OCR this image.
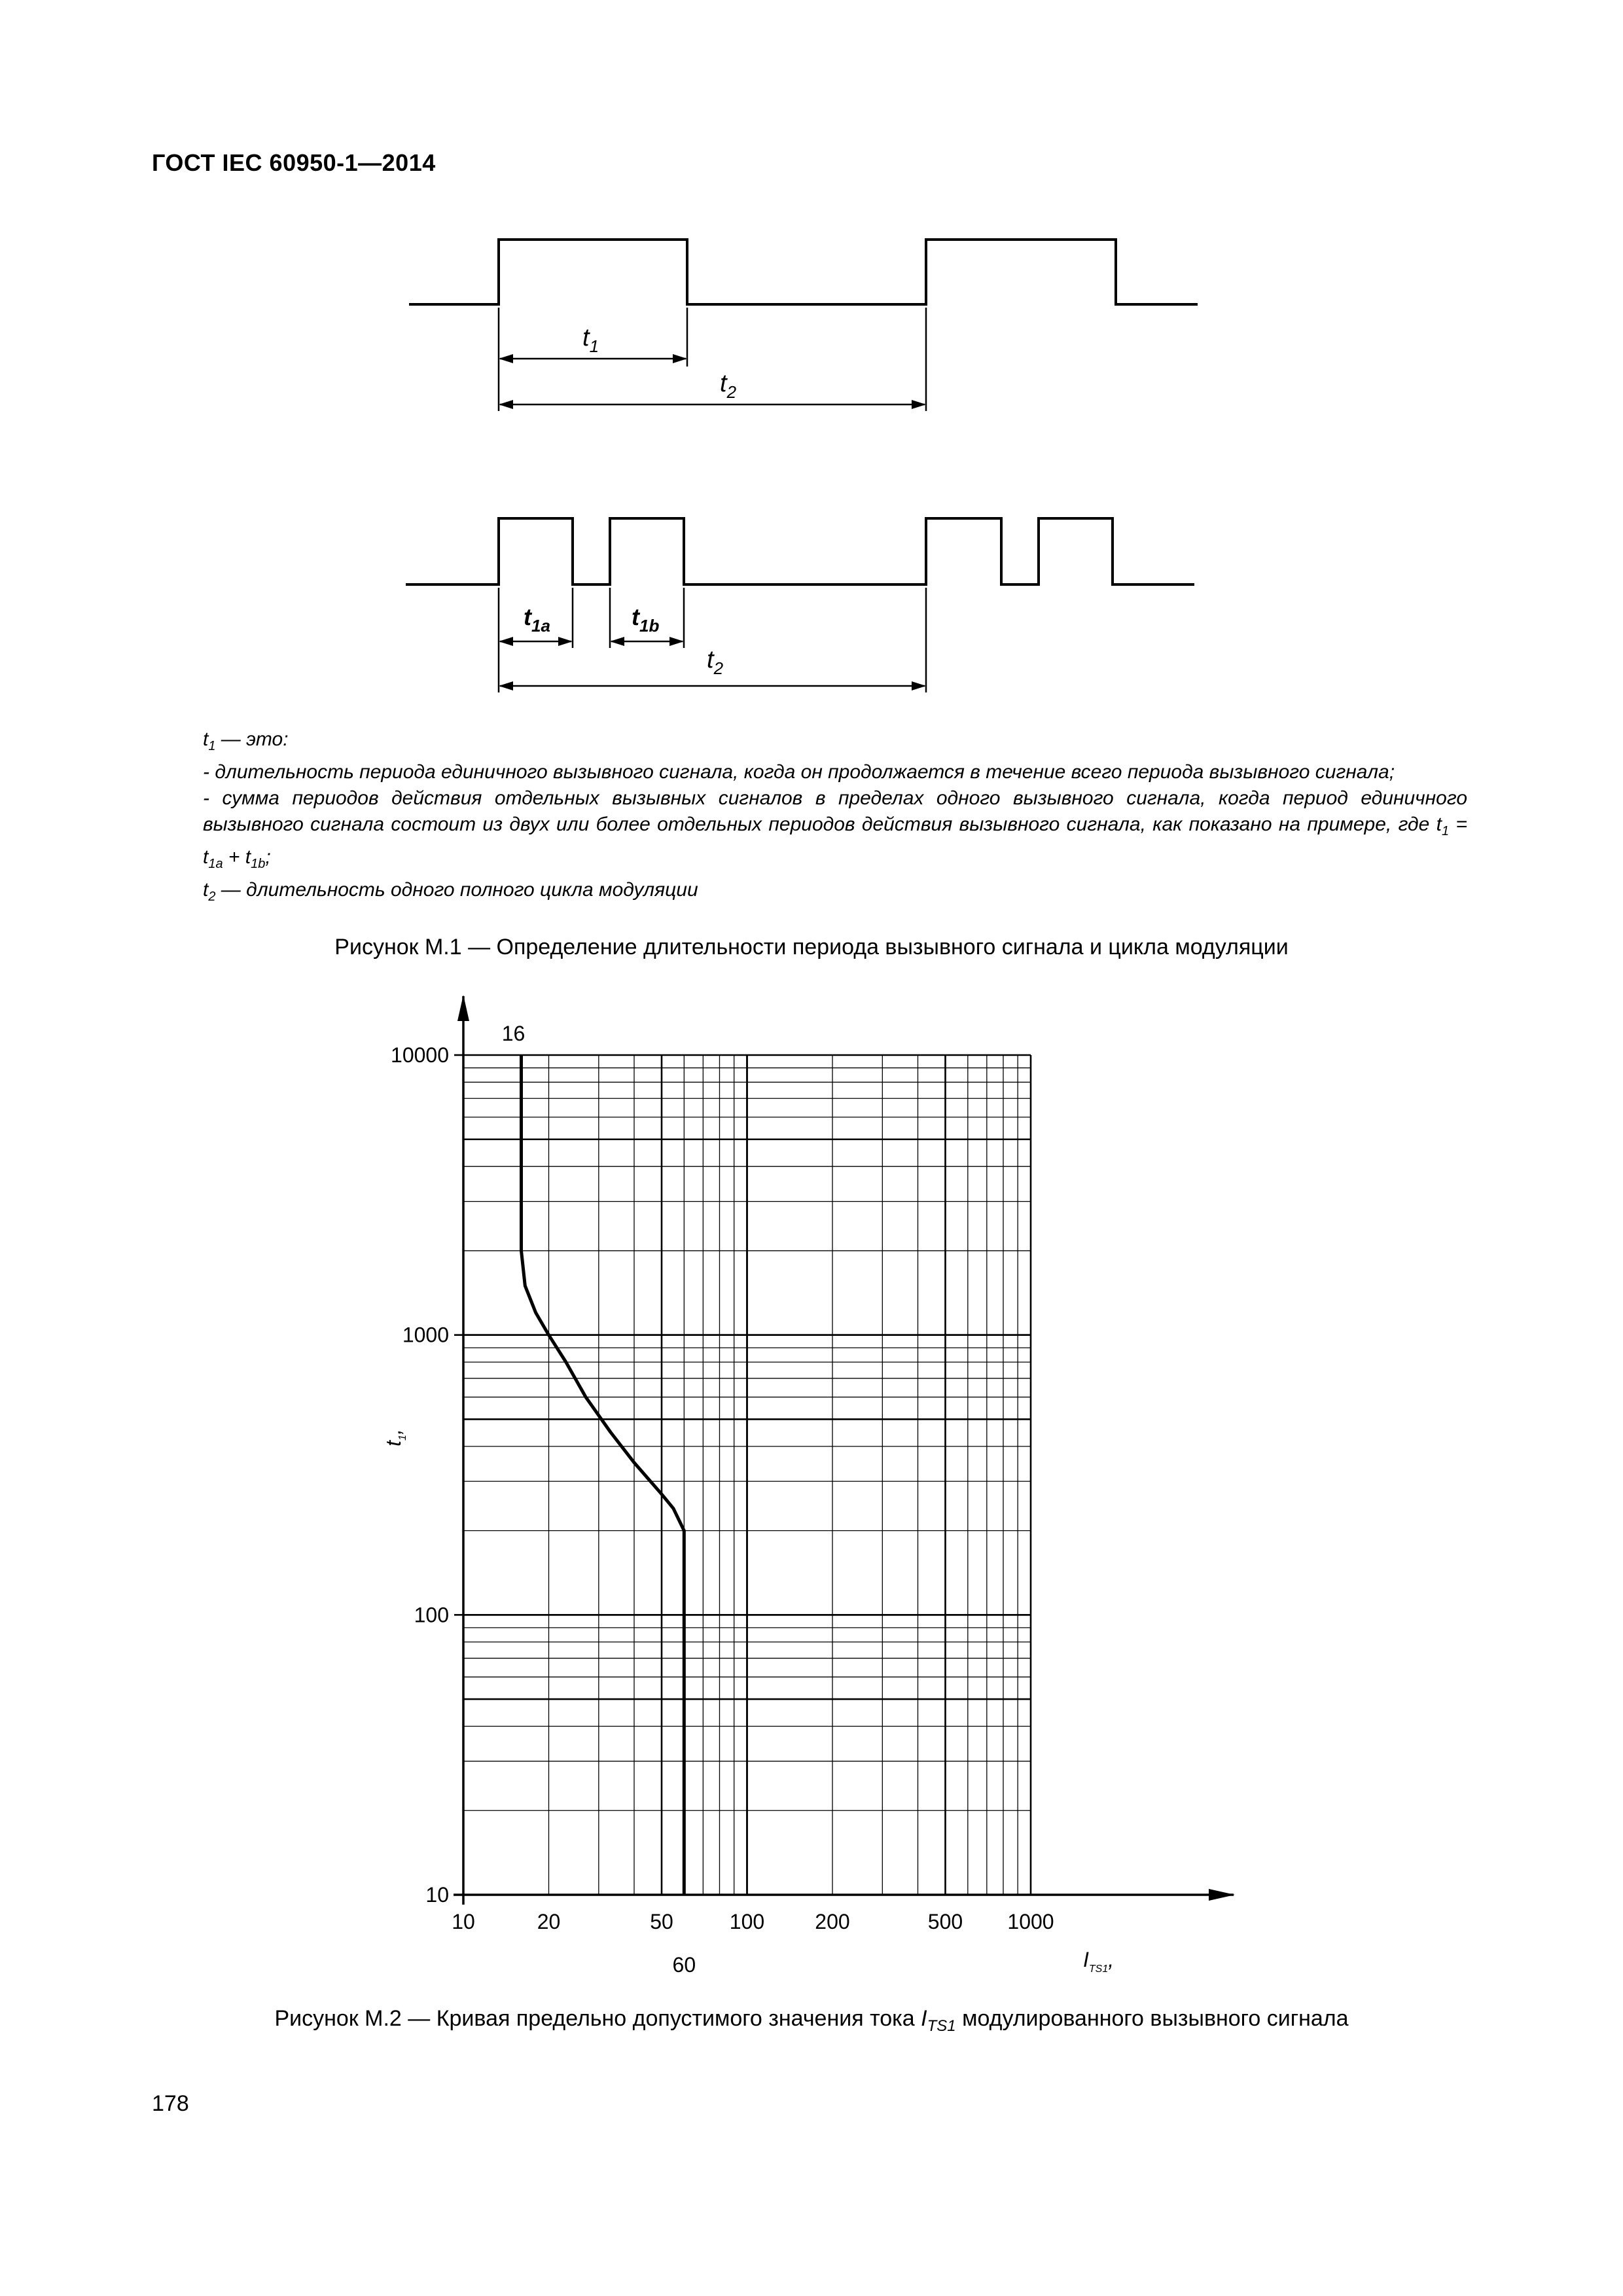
ГОСТ IEC 60950-1—2014
$t_1$
$t_2$
$t_{1a}$	$t_{1b}$
$t_2$

$t_1$ — это:

- длительность периода единичного вызывного сигнала, когда он продолжается в течение всего периода вызывного сигнала;

- сумма периодов действия отдельных вызывных сигналов в пределах одного вызывного сигнала, когда период единичного вызывного сигнала состоит из двух или более отдельных периодов действия вызывного сигнала, как показано на примере, где $t_1 = t_{1a} + t_{1b}$;

$t_2$ — длительность одного полного цикла модуляции

Рисунок М.1 — Определение длительности периода вызывного сигнала и цикла модуляции
10	20	50	100 200	500 1000
10
100
1000
10000
16
60	$I_{TS1}$,
$t_1$,
Рисунок М.2 — Кривая предельно допустимого значения тока $I_{TS1}$ модулированного вызывного сигнала
178
